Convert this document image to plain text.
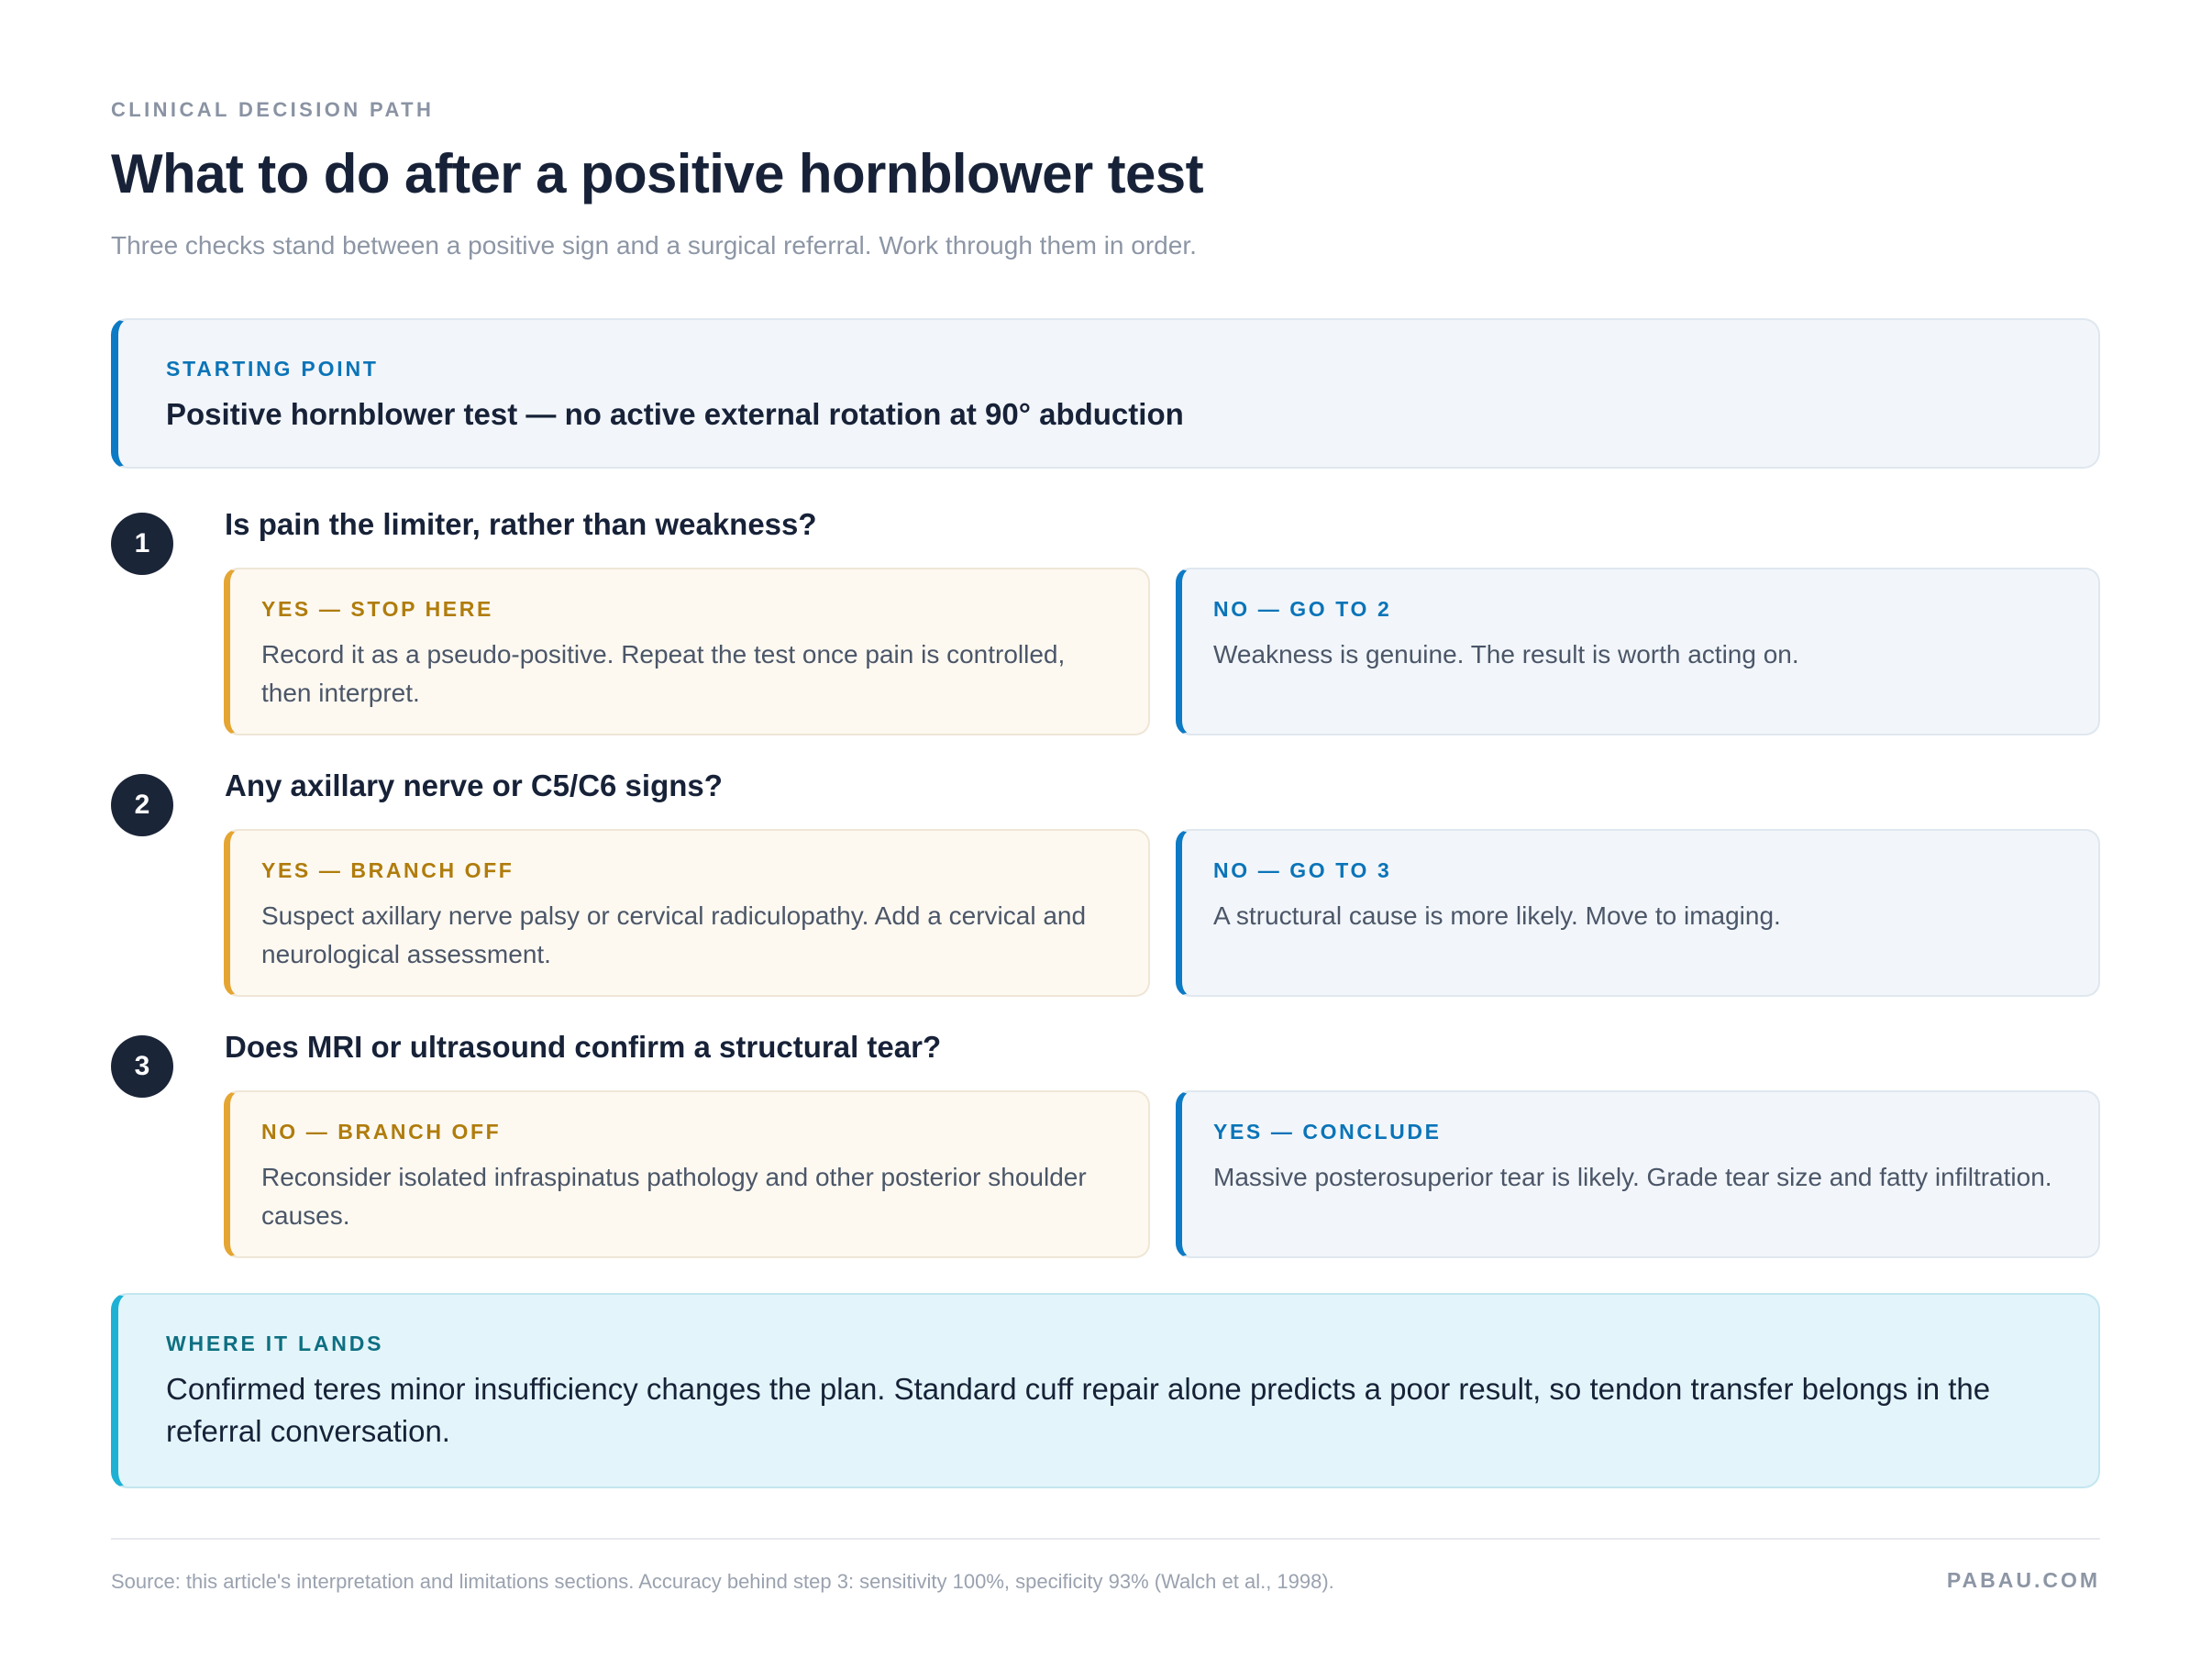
CLINICAL DECISION PATH
What to do after a positive hornblower test

Three checks stand between a positive sign and a surgical referral. Work through them in order.

STARTING POINT
Positive hornblower test — no active external rotation at 90° abduction
1
Is pain the limiter, rather than weakness?
YES — STOP HERE
Record it as a pseudo-positive. Repeat the test once pain is controlled, then interpret.
NO — GO TO 2
Weakness is genuine. The result is worth acting on.
2
Any axillary nerve or C5/C6 signs?
YES — BRANCH OFF
Suspect axillary nerve palsy or cervical radiculopathy. Add a cervical and neurological assessment.
NO — GO TO 3
A structural cause is more likely. Move to imaging.
3
Does MRI or ultrasound confirm a structural tear?
NO — BRANCH OFF
Reconsider isolated infraspinatus pathology and other posterior shoulder causes.
YES — CONCLUDE
Massive posterosuperior tear is likely. Grade tear size and fatty infiltration.
WHERE IT LANDS
Confirmed teres minor insufficiency changes the plan. Standard cuff repair alone predicts a poor result, so tendon transfer belongs in the referral conversation.
Source: this article's interpretation and limitations sections. Accuracy behind step 3: sensitivity 100%, specificity 93% (Walch et al., 1998).	PABAU.COM
